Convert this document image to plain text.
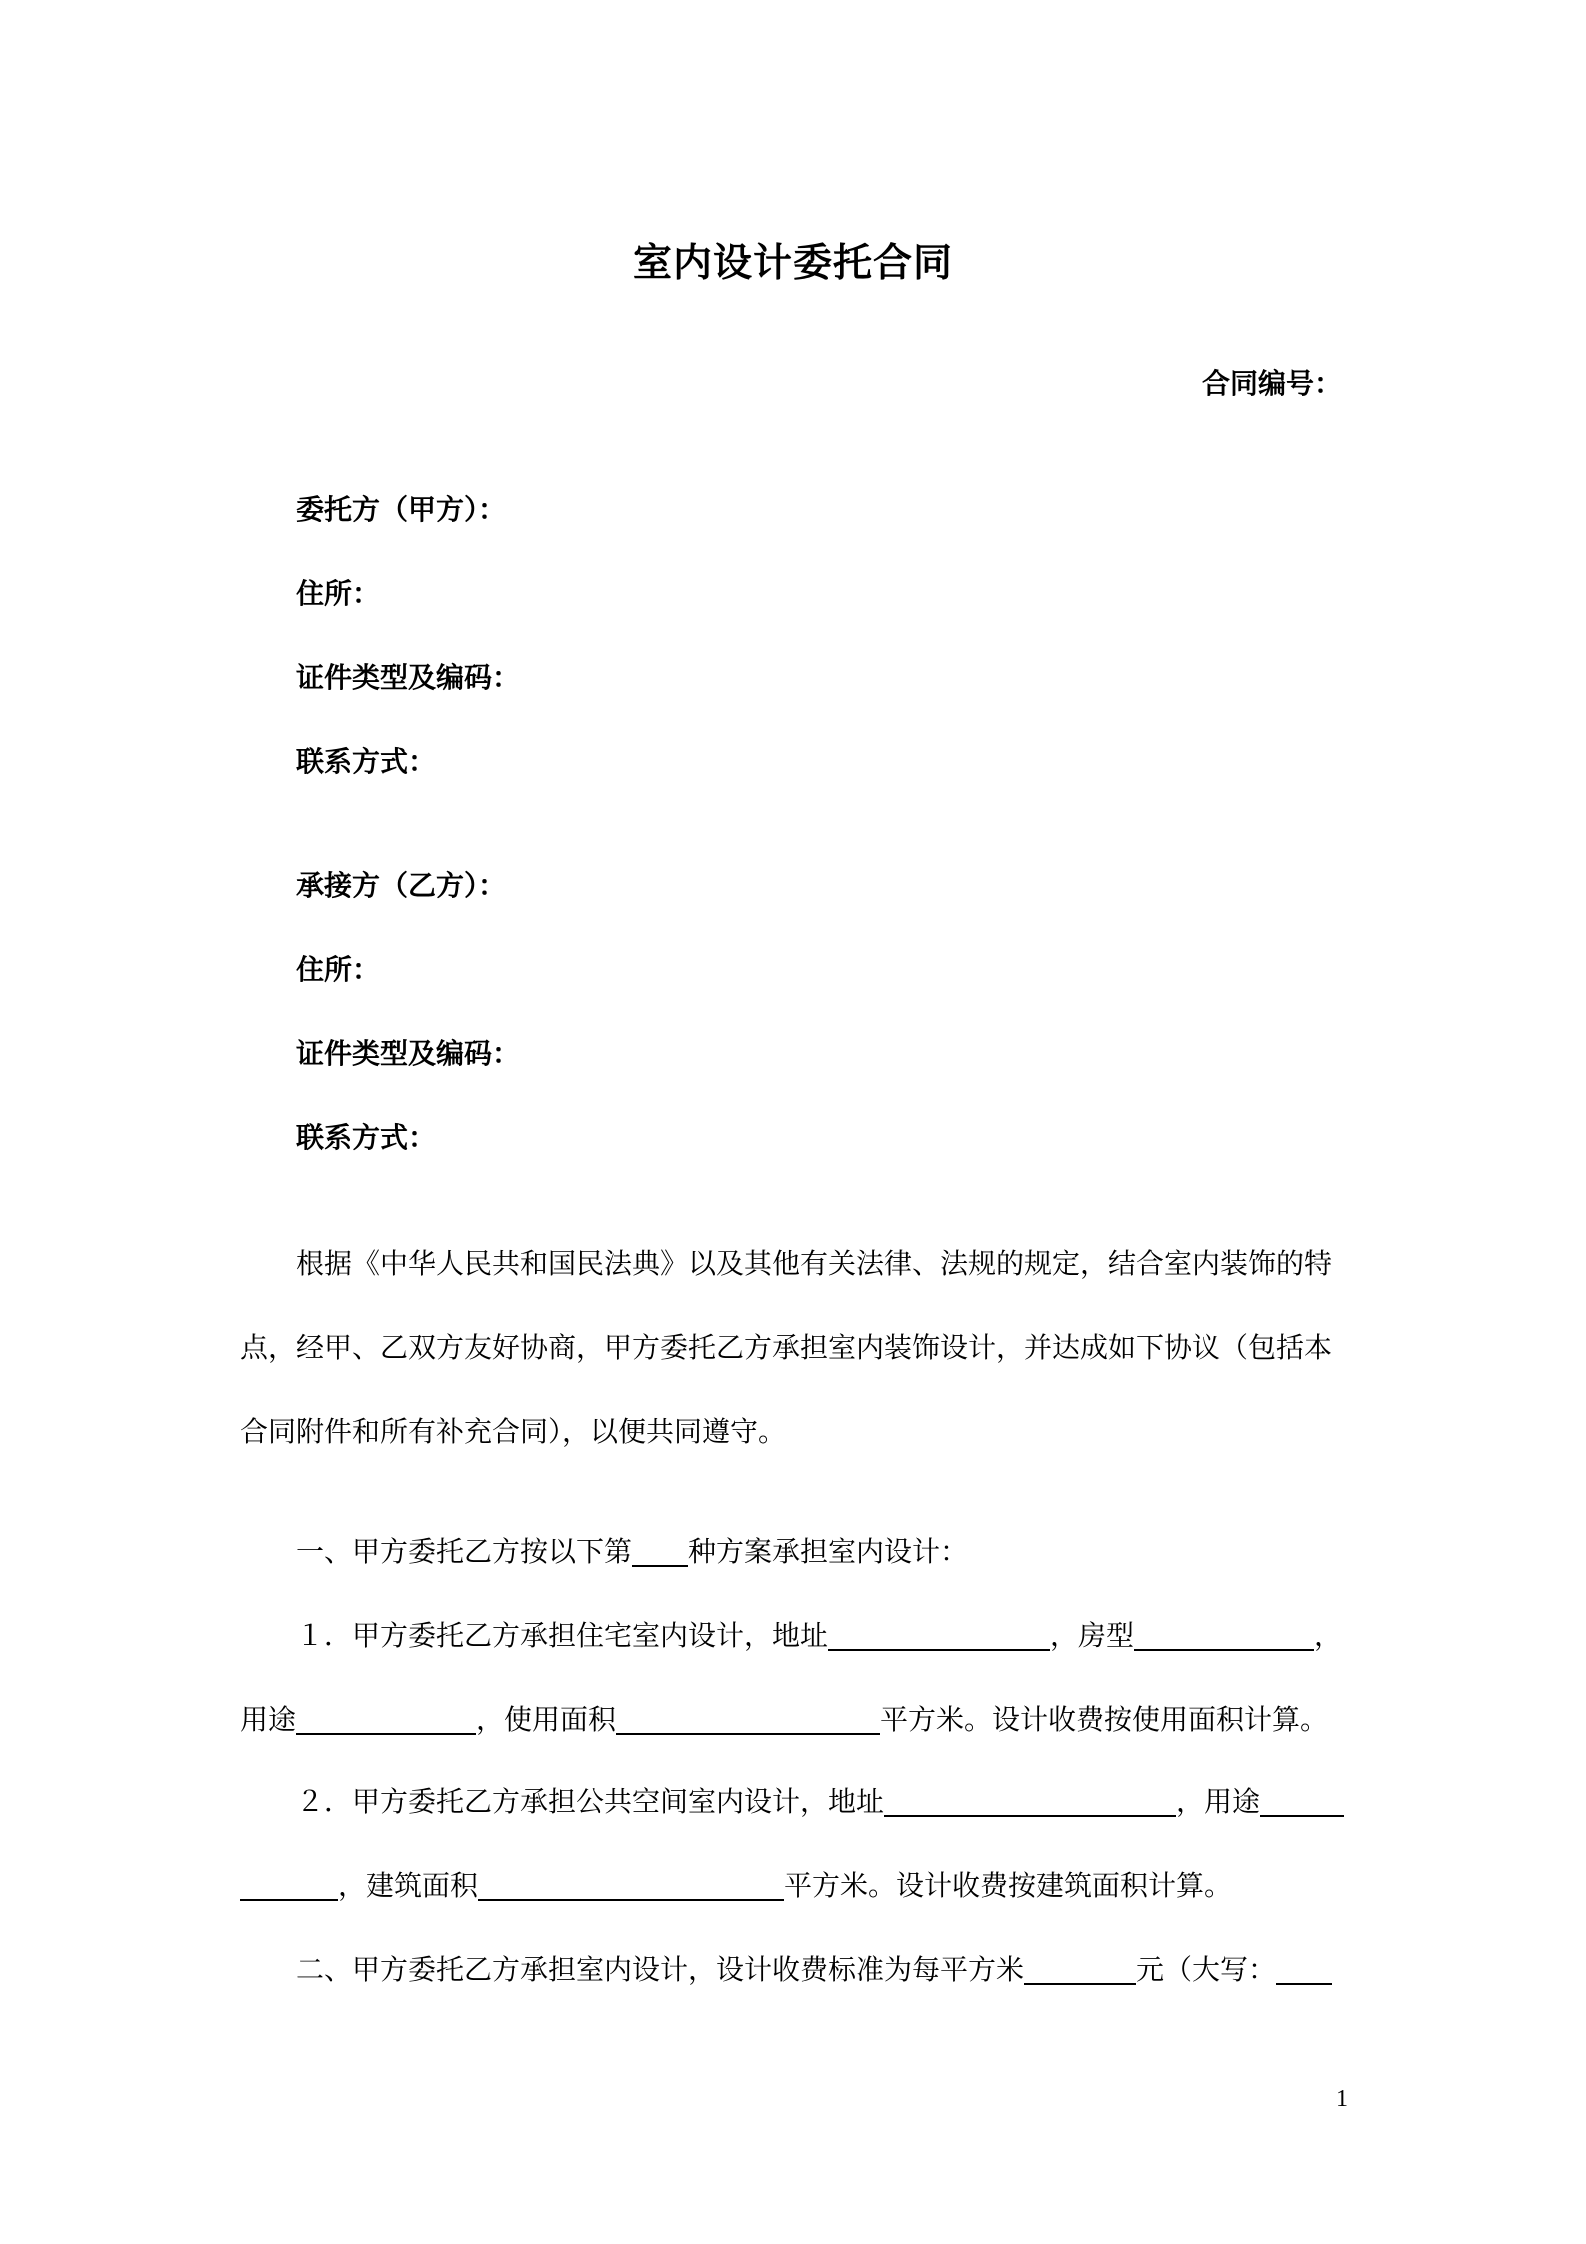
室内设计委托合同
合同编号：
委托方（甲方）：
住所：
证件类型及编码：
联系方式：
承接方（乙方）：
住所：
证件类型及编码：
联系方式：

根据《中华人民共和国民法典》以及其他有关法律、法规的规定，结合室内装饰的特点，经甲、乙双方友好协商，甲方委托乙方承担室内装饰设计，并达成如下协议（包括本合同附件和所有补充合同），以便共同遵守。

一、甲方委托乙方按以下第 种方案承担室内设计：
１．甲方委托乙方承担住宅室内设计，地址	，房型	，
用途	，使用面积	平方米。设计收费按使用面积计算。
２．甲方委托乙方承担公共空间室内设计，地址	，用途
，建筑面积	平方米。设计收费按建筑面积计算。
二、甲方委托乙方承担室内设计，设计收费标准为每平方米	元（大写：
1
